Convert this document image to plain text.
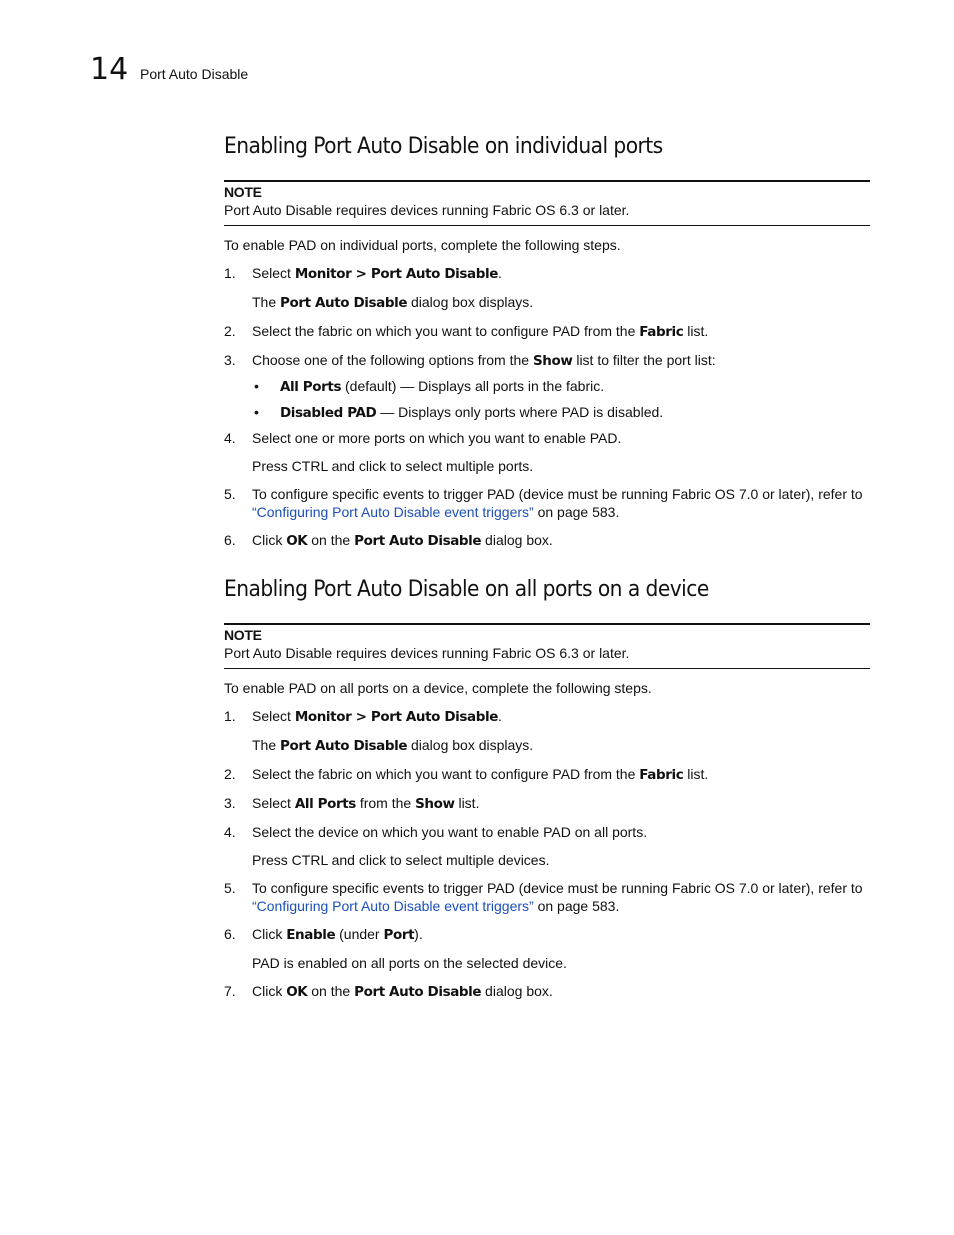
14 Port Auto Disable
Enabling Port Auto Disable on individual ports
NOTE
Port Auto Disable requires devices running Fabric OS 6.3 or later.
To enable PAD on individual ports, complete the following steps.
1. Select Monitor > Port Auto Disable.
The Port Auto Disable dialog box displays.
2. Select the fabric on which you want to configure PAD from the Fabric list.
3. Choose one of the following options from the Show list to filter the port list:
• All Ports (default) — Displays all ports in the fabric.
• Disabled PAD — Displays only ports where PAD is disabled.
4. Select one or more ports on which you want to enable PAD.
Press CTRL and click to select multiple ports.
5. To configure specific events to trigger PAD (device must be running Fabric OS 7.0 or later), refer to “Configuring Port Auto Disable event triggers” on page 583.
6. Click OK on the Port Auto Disable dialog box.
Enabling Port Auto Disable on all ports on a device
NOTE
Port Auto Disable requires devices running Fabric OS 6.3 or later.
To enable PAD on all ports on a device, complete the following steps.
1. Select Monitor > Port Auto Disable.
The Port Auto Disable dialog box displays.
2. Select the fabric on which you want to configure PAD from the Fabric list.
3. Select All Ports from the Show list.
4. Select the device on which you want to enable PAD on all ports.
Press CTRL and click to select multiple devices.
5. To configure specific events to trigger PAD (device must be running Fabric OS 7.0 or later), refer to “Configuring Port Auto Disable event triggers” on page 583.
6. Click Enable (under Port).
PAD is enabled on all ports on the selected device.
7. Click OK on the Port Auto Disable dialog box.
